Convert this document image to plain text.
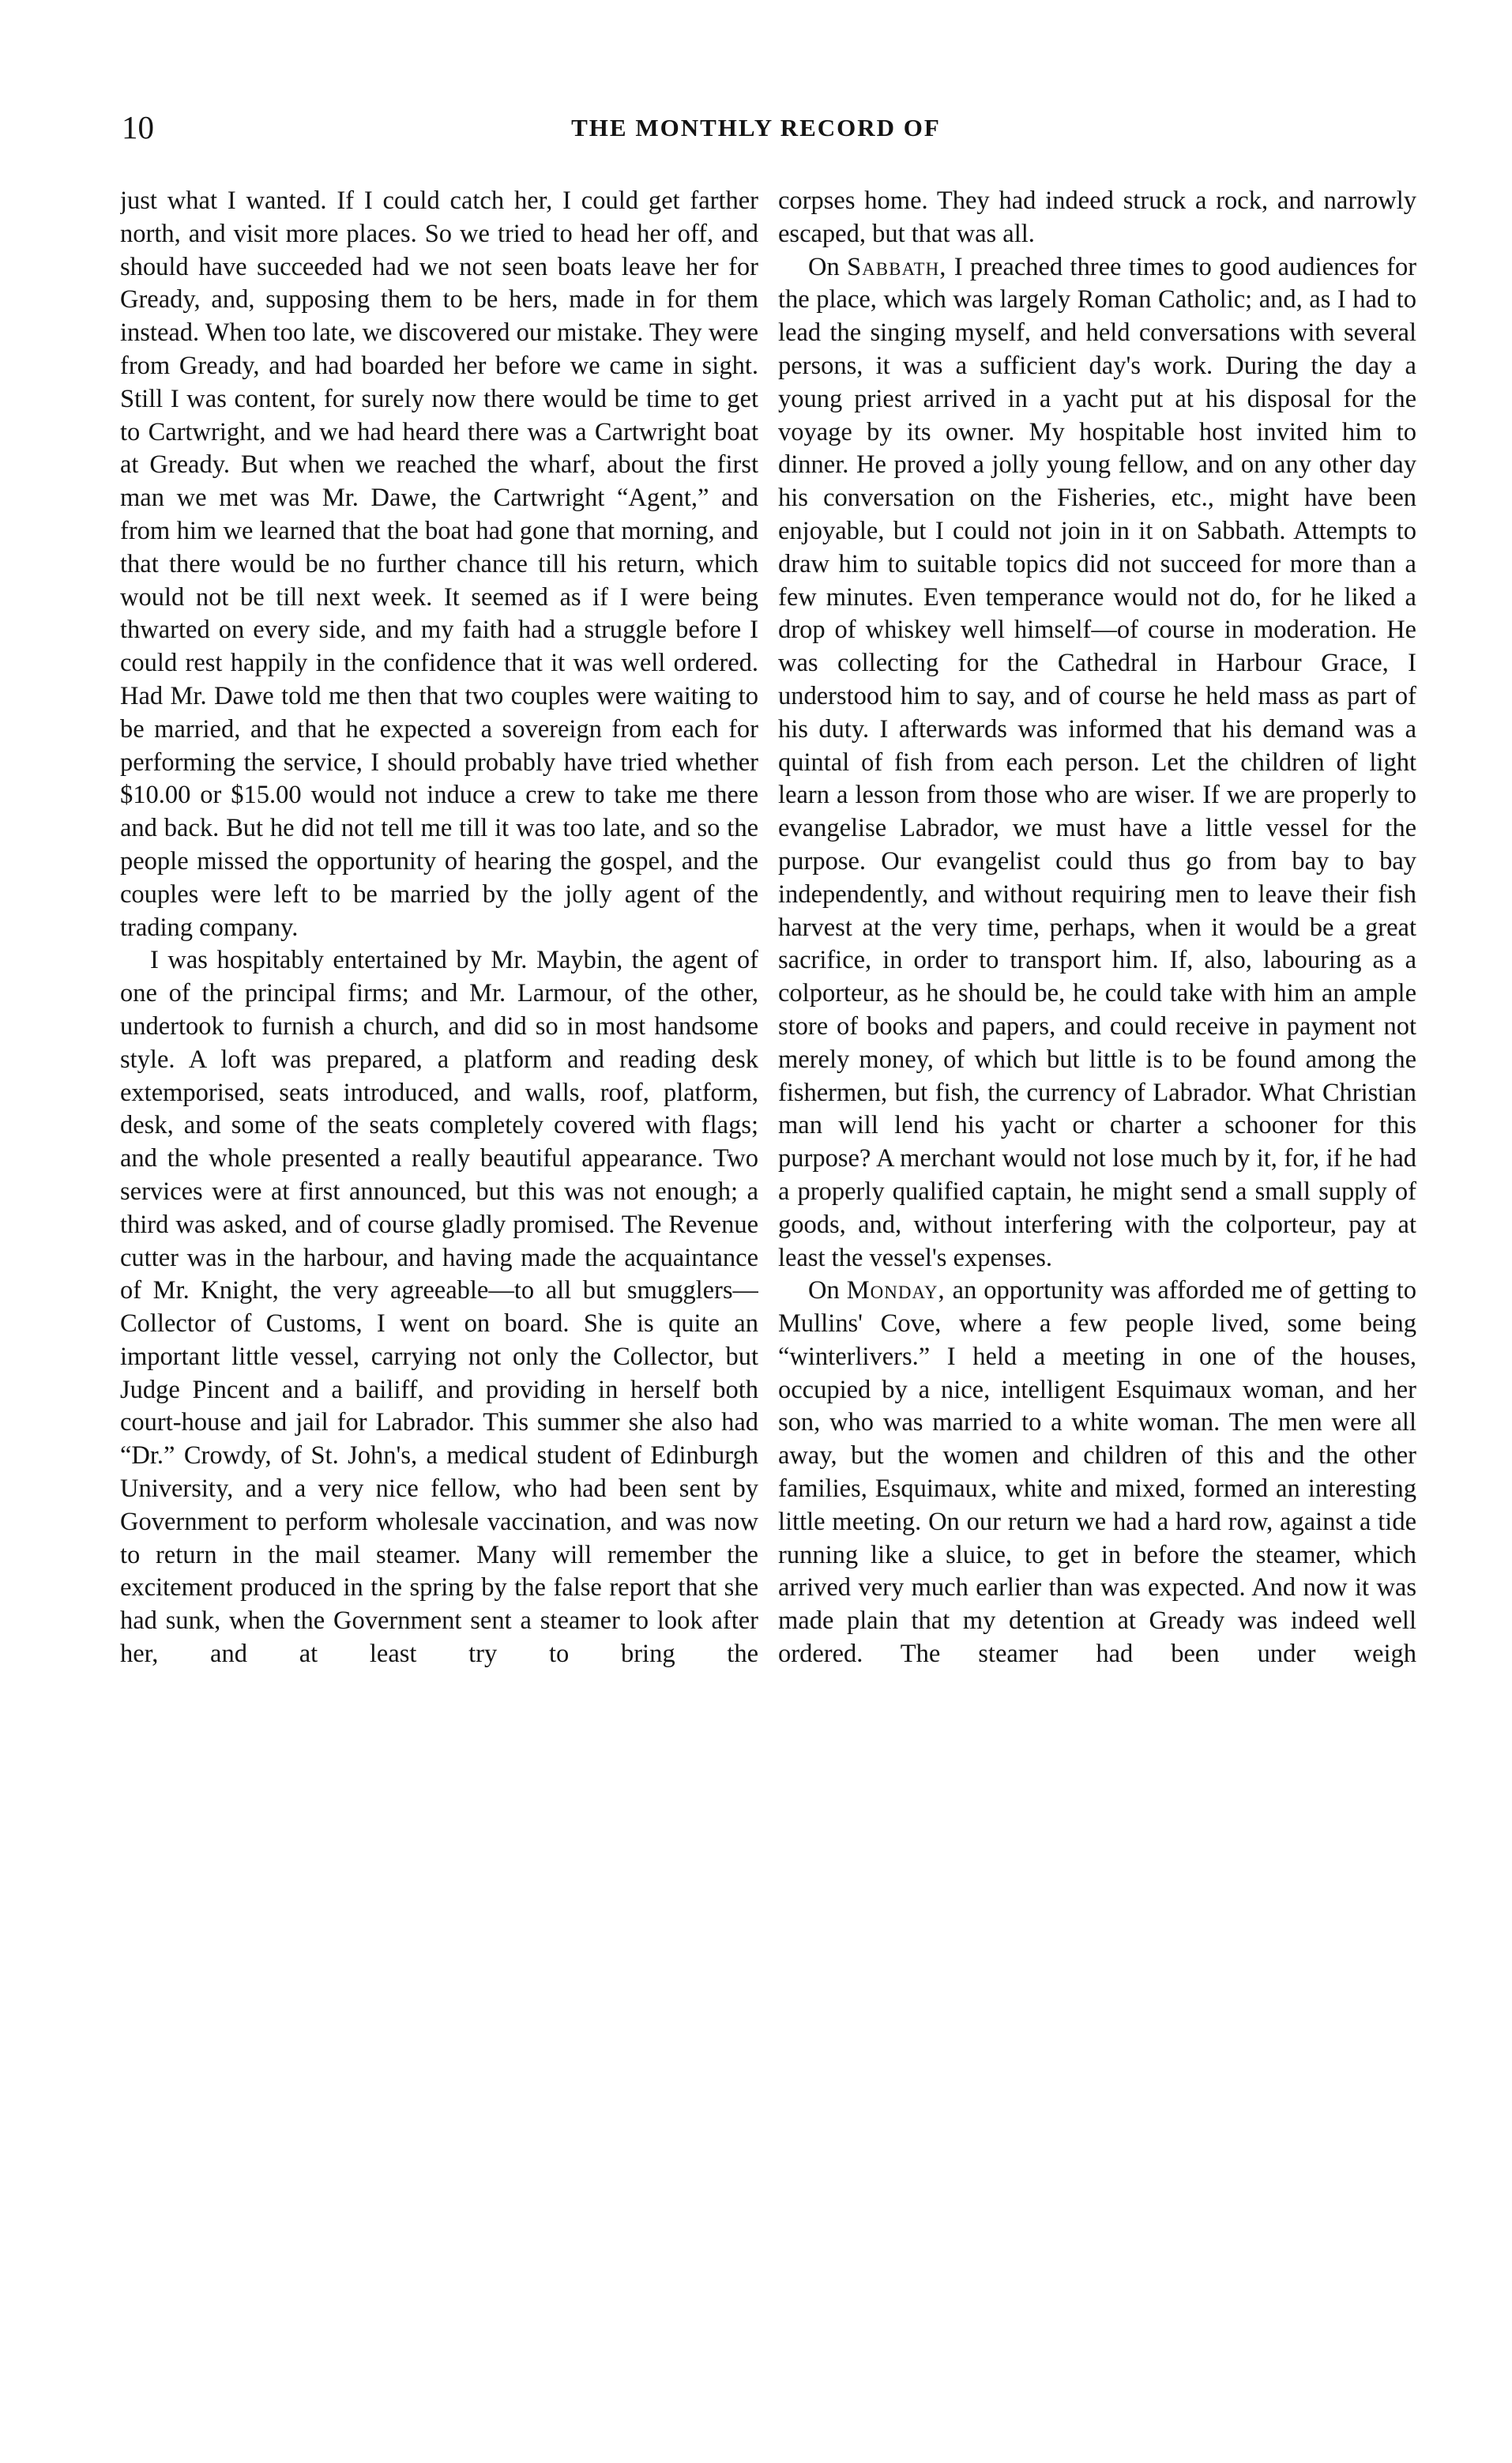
10	THE MONTHLY RECORD OF

just what I wanted. If I could catch her, I could get farther north, and visit more places. So we tried to head her off, and should have succeeded had we not seen boats leave her for Gready, and, supposing them to be hers, made in for them instead. When too late, we discovered our mistake. They were from Gready, and had boarded her before we came in sight. Still I was content, for surely now there would be time to get to Cartwright, and we had heard there was a Cartwright boat at Gready. But when we reached the wharf, about the first man we met was Mr. Dawe, the Cartwright “Agent,” and from him we learned that the boat had gone that morning, and that there would be no further chance till his return, which would not be till next week. It seemed as if I were being thwarted on every side, and my faith had a struggle before I could rest happily in the confidence that it was well ordered. Had Mr. Dawe told me then that two couples were waiting to be married, and that he expected a sovereign from each for performing the service, I should probably have tried whether $10.00 or $15.00 would not induce a crew to take me there and back. But he did not tell me till it was too late, and so the people missed the opportunity of hearing the gospel, and the couples were left to be married by the jolly agent of the trading company.

I was hospitably entertained by Mr. Maybin, the agent of one of the principal firms; and Mr. Larmour, of the other, undertook to furnish a church, and did so in most handsome style. A loft was prepared, a platform and reading desk extemporised, seats introduced, and walls, roof, platform, desk, and some of the seats completely covered with flags; and the whole presented a really beautiful appearance. Two services were at first announced, but this was not enough; a third was asked, and of course gladly promised. The Revenue cutter was in the harbour, and having made the acquaintance of Mr. Knight, the very agreeable—to all but smugglers—Collector of Customs, I went on board. She is quite an important little vessel, carrying not only the Collector, but Judge Pincent and a bailiff, and providing in herself both court-house and jail for Labrador. This summer she also had “Dr.” Crowdy, of St. John's, a medical student of Edinburgh University, and a very nice fellow, who had been sent by Government to perform wholesale vaccination, and was now to return in the mail steamer. Many will remember the excitement produced in the spring by the false report that she had sunk, when the Government sent a steamer to look after her, and at least try to bring the

corpses home. They had indeed struck a rock, and narrowly escaped, but that was all.

On Sabbath, I preached three times to good audiences for the place, which was largely Roman Catholic; and, as I had to lead the singing myself, and held conversations with several persons, it was a sufficient day's work. During the day a young priest arrived in a yacht put at his disposal for the voyage by its owner. My hospitable host invited him to dinner. He proved a jolly young fellow, and on any other day his conversation on the Fisheries, etc., might have been enjoyable, but I could not join in it on Sabbath. Attempts to draw him to suitable topics did not succeed for more than a few minutes. Even temperance would not do, for he liked a drop of whiskey well himself—of course in moderation. He was collecting for the Cathedral in Harbour Grace, I understood him to say, and of course he held mass as part of his duty. I afterwards was informed that his demand was a quintal of fish from each person. Let the children of light learn a lesson from those who are wiser. If we are properly to evangelise Labrador, we must have a little vessel for the purpose. Our evangelist could thus go from bay to bay independently, and without requiring men to leave their fish harvest at the very time, perhaps, when it would be a great sacrifice, in order to transport him. If, also, labouring as a colporteur, as he should be, he could take with him an ample store of books and papers, and could receive in payment not merely money, of which but little is to be found among the fishermen, but fish, the currency of Labrador. What Christian man will lend his yacht or charter a schooner for this purpose? A merchant would not lose much by it, for, if he had a properly qualified captain, he might send a small supply of goods, and, without interfering with the colporteur, pay at least the vessel's expenses.

On Monday, an opportunity was afforded me of getting to Mullins' Cove, where a few people lived, some being “winterlivers.” I held a meeting in one of the houses, occupied by a nice, intelligent Esquimaux woman, and her son, who was married to a white woman. The men were all away, but the women and children of this and the other families, Esquimaux, white and mixed, formed an interesting little meeting. On our return we had a hard row, against a tide running like a sluice, to get in before the steamer, which arrived very much earlier than was expected. And now it was made plain that my detention at Gready was indeed well ordered. The steamer had been under weigh
